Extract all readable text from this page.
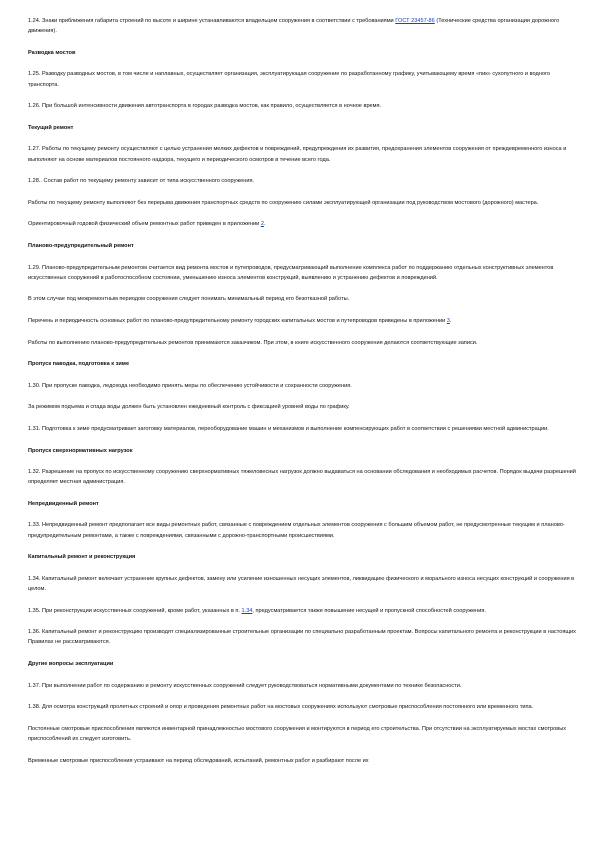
1.24. Знаки приближения габарита строений по высоте и ширине устанавливаются владельцем сооружения в соответствии с требованиями ГОСТ 23457-86 (Технические средства организации дорожного движения).
Разводка мостов
1.25. Разводку разводных мостов, в том числе и наплавных, осуществляет организация, эксплуатирующая сооружение по разработанному графику, учитывающему время «пик» сухопутного и водного транспорта.
1.26. При большой интенсивности движения автотранспорта в городах разводка мостов, как правило, осуществляется в ночное время.
Текущий ремонт
1.27. Работы по текущему ремонту осуществляют с целью устранения мелких дефектов и повреждений, предупреждения их развития, предохранения элементов сооружения от преждевременного износа и выполняют на основе материалов постоянного надзора, текущего и периодического осмотров в течение всего года.
1.28.. Состав работ по текущему ремонту зависит от типа искусственного сооружения.
Работы по текущему ремонту выполняют без перерыва движения транспортных средств по сооружению силами эксплуатирующей организации под руководством мостового (дорожного) мастера.
Ориентировочный годовой физический объем ремонтных работ приведен в приложении 2.
Планово-предупредительный ремонт
1.29. Планово-предупредительным ремонтом считается вид ремонта мостов и путепроводов, предусматривающий выполнение комплекса работ по поддержанию отдельных конструктивных элементов искусственных сооружений в работоспособном состоянии, уменьшению износа элементов конструкций, выявлению и устранению дефектов и повреждений.
В этом случае под межремонтным периодом сооружения следует понимать минимальный период его безотказной работы.
Перечень и периодичность основных работ по планово-предупредительному ремонту городских капитальных мостов и путепроводов приведены в приложении 3.
Работы по выполнению планово-предупредительных ремонтов принимаются заказчиком. При этом, в книге искусственного сооружения делаются соответствующие записи.
Пропуск паводка, подготовка к зиме
1.30. При пропуске паводка, ледохода необходимо принять меры по обеспечению устойчивости и сохранности сооружения.
За режимом подъема и спада воды должен быть установлен ежедневный контроль с фиксацией уровней воды по графику.
1.31. Подготовка к зиме предусматривает заготовку материалов, переоборудование машин и механизмов и выполнение компенсирующих работ в соответствии с решениями местной администрации.
Пропуск сверхнормативных нагрузок
1.32. Разрешение на пропуск по искусственному сооружению сверхнормативных тяжеловесных нагрузок должно выдаваться на основании обследования и необходимых расчетов. Порядок выдачи разрешений определяет местная администрация.
Непредвиденный ремонт
1.33. Непредвиденный ремонт предполагает все виды ремонтных работ, связанные с повреждением отдельных элементов сооружения с большим объемом работ, не предусмотренные текущим и планово-предупредительным ремонтами, а также с повреждениями, связанными с дорожно-транспортными происшествиями.
Капитальный ремонт и реконструкция
1.34. Капитальный ремонт включает устранение крупных дефектов, замену или усиление изношенных несущих элементов, ликвидацию физического и морального износа несущих конструкций и сооружения в целом.
1.35. При реконструкции искусственных сооружений, кроме работ, указанных в п. 1.34, предусматривается также повышение несущей и пропускной способностей сооружения.
1.36. Капитальный ремонт и реконструкцию производят специализированные строительные организации по специально разработанным проектам. Вопросы капитального ремонта и реконструкции в настоящих Правилах не рассматриваются.
Другие вопросы эксплуатации
1.37. При выполнении работ по содержанию и ремонту искусственных сооружений следует руководствоваться нормативными документами по технике безопасности.
1.38. Для осмотра конструкций пролетных строений и опор и проведения ремонтных работ на мостовых сооружениях используют смотровые приспособления постоянного или временного типа.
Постоянные смотровые приспособления являются инвентарной принадлежностью мостового сооружения и монтируются в период его строительства. При отсутствии на эксплуатируемых мостах смотровых приспособлений их следует изготовить.
Временные смотровые приспособления устраивают на период обследований, испытаний, ремонтных работ и разбирают после их
